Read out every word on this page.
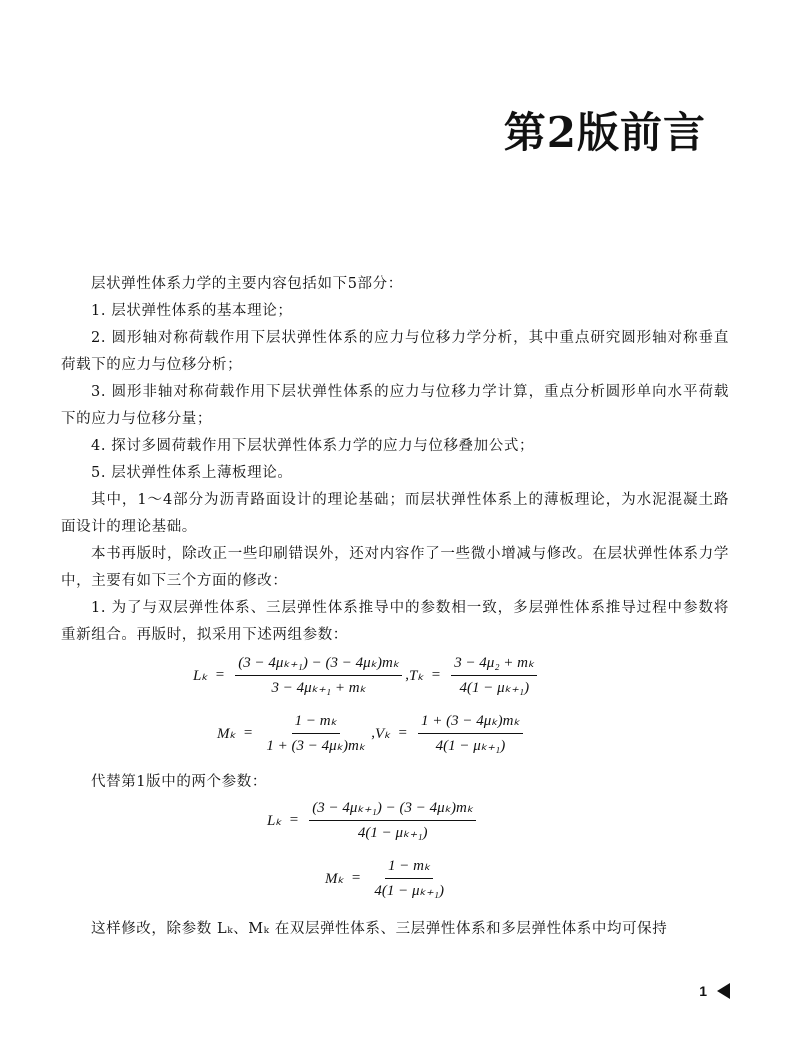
第2版前言

层状弹性体系力学的主要内容包括如下5部分：

1. 层状弹性体系的基本理论；

2. 圆形轴对称荷载作用下层状弹性体系的应力与位移力学分析，其中重点研究圆形轴对称垂直荷载下的应力与位移分析；

3. 圆形非轴对称荷载作用下层状弹性体系的应力与位移力学计算，重点分析圆形单向水平荷载下的应力与位移分量；

4. 探讨多圆荷载作用下层状弹性体系力学的应力与位移叠加公式；

5. 层状弹性体系上薄板理论。

其中，1～4部分为沥青路面设计的理论基础；而层状弹性体系上的薄板理论，为水泥混凝土路面设计的理论基础。

本书再版时，除改正一些印刷错误外，还对内容作了一些微小增减与修改。在层状弹性体系力学中，主要有如下三个方面的修改：

1. 为了与双层弹性体系、三层弹性体系推导中的参数相一致，多层弹性体系推导过程中参数将重新组合。再版时，拟采用下述两组参数：

$L_k = \frac{\text{(3 − 4μₖ₊₁) − (3 − 4μₖ)mₖ}}{\text{3 − 4μₖ₊₁ + mₖ}}$ , $T_k = \frac{\text{3 − 4μ₂ + mₖ}}{\text{4(1 − μₖ₊₁)}}$
$M_k = \frac{\text{1 − mₖ}}{\text{1 + (3 − 4μₖ)mₖ}}$ , $V_k = \frac{\text{1 + (3 − 4μₖ)mₖ}}{\text{4(1 − μₖ₊₁)}}$

代替第1版中的两个参数：

$L_k = \frac{\text{(3 − 4μₖ₊₁) − (3 − 4μₖ)mₖ}}{\text{4(1 − μₖ₊₁)}}$
$M_k = \frac{\text{1 − mₖ}}{\text{4(1 − μₖ₊₁)}}$

这样修改，除参数 Lₖ、Mₖ 在双层弹性体系、三层弹性体系和多层弹性体系中均可保持

1
